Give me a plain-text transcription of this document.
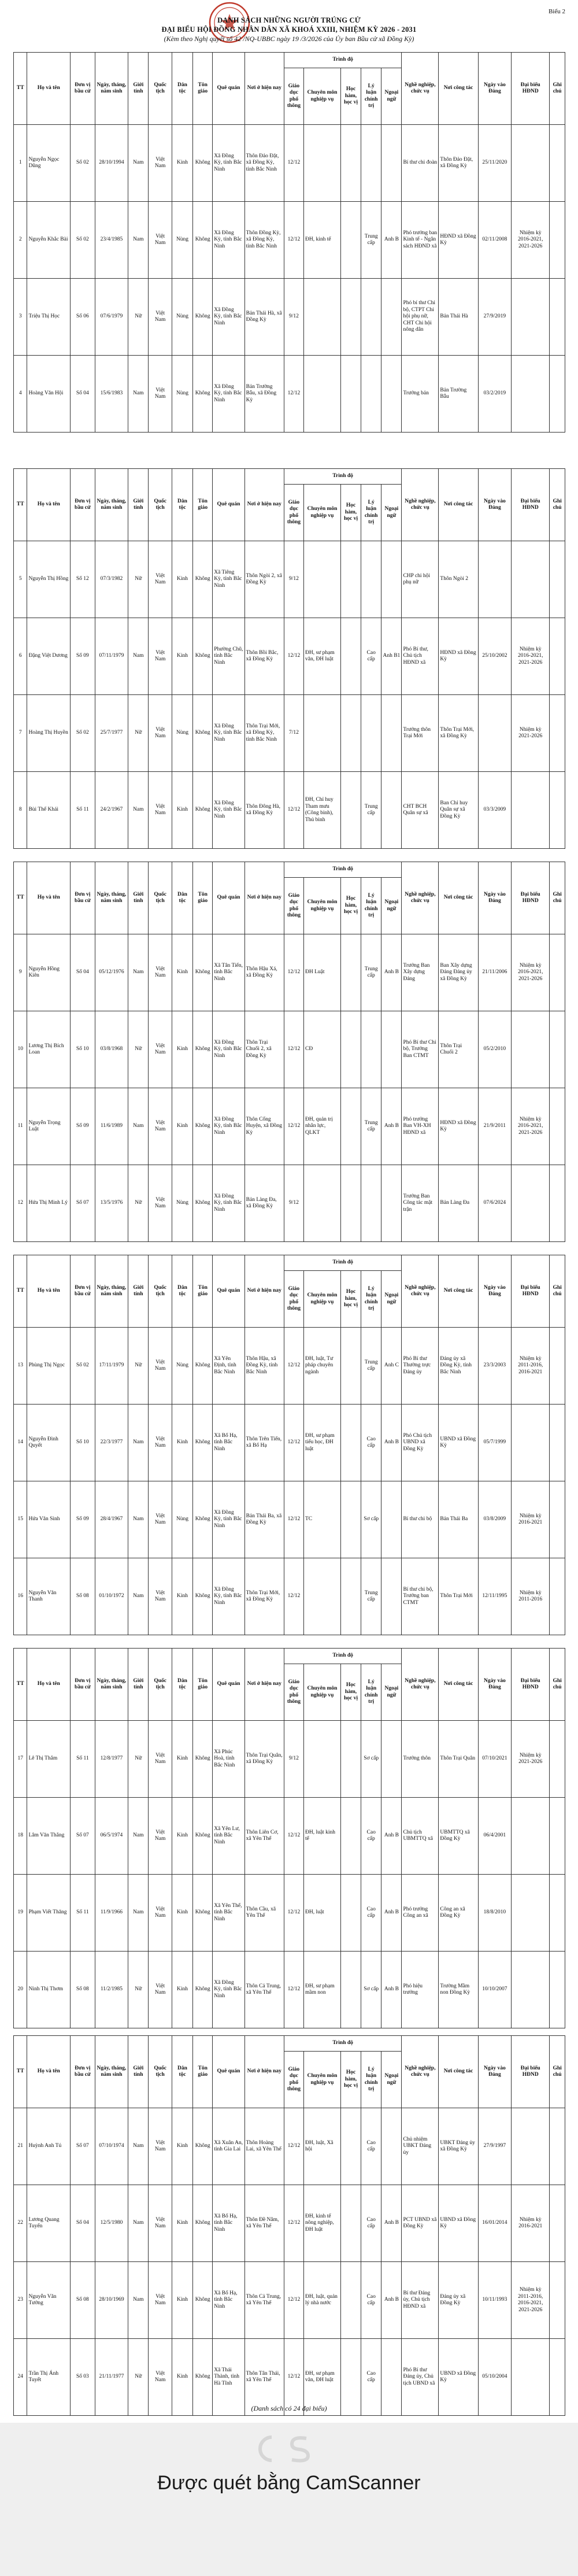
Biểu 2
DANH SÁCH NHỮNG NGƯỜI TRÚNG CỬ
ĐẠI BIỂU HỘI ĐỒNG NHÂN DÂN XÃ KHOÁ XXIII, NHIỆM KỲ 2026 - 2031
(Kèm theo Nghị quyết số 42 /NQ-UBBC ngày 19 /3/2026 của Ủy ban Bầu cử xã Đồng Kỳ)
TT	Họ và tên	Đơn vị bầu cử	Ngày, tháng, năm sinh	Giới tính	Quốc tịch	Dân tộc	Tôn giáo	Quê quán	Nơi ở hiện nay	Trình độ					Nghề nghiệp, chức vụ	Nơi công tác	Ngày vào Đảng	Đại biểu HĐND	Ghi chú
										Giáo dục phổ thông	Chuyên môn nghiệp vụ	Học hàm, học vị	Lý luận chính trị	Ngoại ngữ					
1	Nguyễn Ngọc Dũng	Số 02	28/10/1994	Nam	Việt Nam	Kinh	Không	Xã Đồng Kỳ, tỉnh Bắc Ninh	Thôn Đảo Đặt, xã Đồng Kỳ, tỉnh Bắc Ninh	12/12					Bí thư chi đoàn	Thôn Đảo Đặt, xã Đồng Kỳ	25/11/2020		
2	Nguyễn Khắc Bài	Số 02	23/4/1985	Nam	Việt Nam	Nùng	Không	Xã Đồng Kỳ, tỉnh Bắc Ninh	Thôn Đồng Kỳ, xã Đồng Kỳ, tỉnh Bắc Ninh	12/12	ĐH, kinh tế		Trung cấp	Anh B	Phó trưởng ban Kinh tế - Ngân sách HĐND xã	HĐND xã Đồng Kỳ	02/11/2008	Nhiệm kỳ 2016-2021, 2021-2026	
3	Triệu Thị Học	Số 06	07/6/1979	Nữ	Việt Nam	Nùng	Không	Xã Đồng Kỳ, tỉnh Bắc Ninh	Bản Thái Hà, xã Đồng Kỳ	9/12					Phó bí thư Chi bộ, CTPT Chi hội phụ nữ, CHT Chi hội nông dân	Bản Thái Hà	27/9/2019		
4	Hoàng Văn Hội	Số 04	15/6/1983	Nam	Việt Nam	Nùng	Không	Xã Đồng Kỳ, tỉnh Bắc Ninh	Bản Trường Bẫu, xã Đồng Kỳ	12/12					Trưởng bản	Bản Trường Bẫu	03/2/2019		
TT	Họ và tên	Đơn vị bầu cử	Ngày, tháng, năm sinh	Giới tính	Quốc tịch	Dân tộc	Tôn giáo	Quê quán	Nơi ở hiện nay	Trình độ					Nghề nghiệp, chức vụ	Nơi công tác	Ngày vào Đảng	Đại biểu HĐND	Ghi chú
										Giáo dục phổ thông	Chuyên môn nghiệp vụ	Học hàm, học vị	Lý luận chính trị	Ngoại ngữ					
5	Nguyễn Thị Hồng	Số 12	07/3/1982	Nữ	Việt Nam	Kinh	Không	Xã Tiêng Kỳ, tỉnh Bắc Ninh	Thôn Ngòi 2, xã Đồng Kỳ	9/12					CHP chi hội phụ nữ	Thôn Ngòi 2			
6	Đặng Việt Dương	Số 09	07/11/1979	Nam	Việt Nam	Kinh	Không	Phường Chũ, tỉnh Bắc Ninh	Thôn Bồi Bắc, xã Đồng Kỳ	12/12	ĐH, sư phạm văn, ĐH luật		Cao cấp	Anh B1	Phó Bí thư, Chủ tịch HĐND xã	HĐND xã Đồng Kỳ	25/10/2002	Nhiệm kỳ 2016-2021, 2021-2026	
7	Hoàng Thị Huyền	Số 02	25/7/1977	Nữ	Việt Nam	Nùng	Không	Xã Đồng Kỳ, tỉnh Bắc Ninh	Thôn Trại Mới, xã Đồng Kỳ, tỉnh Bắc Ninh	7/12					Trưởng thôn Trại Mới	Thôn Trại Mới, xã Đồng Kỳ		Nhiệm kỳ 2021-2026	
8	Bùi Thế Khái	Số 11	24/2/1967	Nam	Việt Nam	Kinh	Không	Xã Đồng Kỳ, tỉnh Bắc Ninh	Thôn Đông Hà, xã Đồng Kỳ	12/12	ĐH, Chỉ huy Tham mưu (Công binh), Thủ binh		Trung cấp		CHT BCH Quân sự xã	Ban Chỉ huy Quân sự xã Đồng Kỳ	03/3/2009		
TT	Họ và tên	Đơn vị bầu cử	Ngày, tháng, năm sinh	Giới tính	Quốc tịch	Dân tộc	Tôn giáo	Quê quán	Nơi ở hiện nay	Trình độ					Nghề nghiệp, chức vụ	Nơi công tác	Ngày vào Đảng	Đại biểu HĐND	Ghi chú
										Giáo dục phổ thông	Chuyên môn nghiệp vụ	Học hàm, học vị	Lý luận chính trị	Ngoại ngữ					
9	Nguyễn Hồng Kiên	Số 04	05/12/1976	Nam	Việt Nam	Kinh	Không	Xã Tân Tiến, tỉnh Bắc Ninh	Thôn Hậu Xá, xã Đồng Kỳ	12/12	ĐH Luật		Trung cấp	Anh B	Trưởng Ban Xây dựng Đảng	Ban Xây dựng Đảng Đảng ủy xã Đồng Kỳ	21/11/2006	Nhiệm kỳ 2016-2021, 2021-2026	
10	Lương Thị Bích Loan	Số 10	03/8/1968	Nữ	Việt Nam	Kinh	Không	Xã Đồng Kỳ, tỉnh Bắc Ninh	Thôn Trại Chuối 2, xã Đồng Kỳ	12/12	CĐ				Phó Bí thư Chi bộ, Trưởng Ban CTMT	Thôn Trại Chuối 2	05/2/2010		
11	Nguyễn Trọng Luật	Số 09	11/6/1989	Nam	Việt Nam	Kinh	Không	Xã Đồng Kỳ, tỉnh Bắc Ninh	Thôn Cống Huyện, xã Đồng Kỳ	12/12	ĐH, quản trị nhân lực, QLKT		Trung cấp	Anh B	Phó trưởng Ban VH-XH HĐND xã	HĐND xã Đồng Kỳ	21/9/2011	Nhiệm kỳ 2016-2021, 2021-2026	
12	Hứa Thị Minh Lý	Số 07	13/5/1976	Nữ	Việt Nam	Nùng	Không	Xã Đồng Kỳ, tỉnh Bắc Ninh	Bản Làng Đa, xã Đồng Kỳ	9/12					Trưởng Ban Công tác mặt trận	Bản Làng Đa	07/6/2024		
TT	Họ và tên	Đơn vị bầu cử	Ngày, tháng, năm sinh	Giới tính	Quốc tịch	Dân tộc	Tôn giáo	Quê quán	Nơi ở hiện nay	Trình độ					Nghề nghiệp, chức vụ	Nơi công tác	Ngày vào Đảng	Đại biểu HĐND	Ghi chú
										Giáo dục phổ thông	Chuyên môn nghiệp vụ	Học hàm, học vị	Lý luận chính trị	Ngoại ngữ					
13	Phùng Thị Ngọc	Số 02	17/11/1979	Nữ	Việt Nam	Nùng	Không	Xã Yên Định, tỉnh Bắc Ninh	Thôn Hậu, xã Đồng Kỳ, tỉnh Bắc Ninh	12/12	ĐH, luật, Tư pháp chuyên ngành		Trung cấp	Anh C	Phó Bí thư Thường trực Đảng ủy	Đảng ủy xã Đồng Kỳ, tỉnh Bắc Ninh	23/3/2003	Nhiệm kỳ 2011-2016, 2016-2021	
14	Nguyễn Đình Quyết	Số 10	22/3/1977	Nam	Việt Nam	Kinh	Không	Xã Bố Hạ, tỉnh Bắc Ninh	Thôn Trên Tiến, xã Bố Hạ	12/12	ĐH, sư phạm tiểu học, ĐH luật		Cao cấp	Anh B	Phó Chủ tịch UBND xã Đồng Kỳ	UBND xã Đồng Kỳ	05/7/1999		
15	Hứa Văn Sinh	Số 09	28/4/1967	Nam	Việt Nam	Nùng	Không	Xã Đồng Kỳ, tỉnh Bắc Ninh	Bản Thái Ba, xã Đồng Kỳ	12/12	TC		Sơ cấp		Bí thư chi bộ	Bản Thái Ba	03/8/2009	Nhiệm kỳ 2016-2021	
16	Nguyễn Văn Thanh	Số 08	01/10/1972	Nam	Việt Nam	Kinh	Không	Xã Đồng Kỳ, tỉnh Bắc Ninh	Thôn Trại Mới, xã Đồng Kỳ	12/12			Trung cấp		Bí thư chi bộ, Trưởng ban CTMT	Thôn Trại Mới	12/11/1995	Nhiệm kỳ 2011-2016	
TT	Họ và tên	Đơn vị bầu cử	Ngày, tháng, năm sinh	Giới tính	Quốc tịch	Dân tộc	Tôn giáo	Quê quán	Nơi ở hiện nay	Trình độ					Nghề nghiệp, chức vụ	Nơi công tác	Ngày vào Đảng	Đại biểu HĐND	Ghi chú
										Giáo dục phổ thông	Chuyên môn nghiệp vụ	Học hàm, học vị	Lý luận chính trị	Ngoại ngữ					
17	Lê Thị Thắm	Số 11	12/8/1977	Nữ	Việt Nam	Kinh	Không	Xã Phúc Hoà, tỉnh Bắc Ninh	Thôn Trại Quân, xã Đồng Kỳ	9/12			Sơ cấp		Trưởng thôn	Thôn Trại Quân	07/10/2021	Nhiệm kỳ 2021-2026	
18	Lâm Văn Thắng	Số 07	06/5/1974	Nam	Việt Nam	Kinh	Không	Xã Yên Lư, tỉnh Bắc Ninh	Thôn Liên Cơ, xã Yên Thế	12/12	ĐH, luật kinh tế		Cao cấp	Anh B	Chủ tịch UBMTTQ xã	UBMTTQ xã Đồng Kỳ	06/4/2001		
19	Phạm Viết Thăng	Số 11	11/9/1966	Nam	Việt Nam	Kinh	Không	Xã Yên Thế, tỉnh Bắc Ninh	Thôn Cầu, xã Yên Thế	12/12	ĐH, luật		Cao cấp	Anh B	Phó trưởng Công an xã	Công an xã Đồng Kỳ	18/8/2010		
20	Ninh Thị Thơm	Số 08	11/2/1985	Nữ	Việt Nam	Kinh	Không	Xã Đồng Kỳ, tỉnh Bắc Ninh	Thôn Cả Trung, xã Yên Thế	12/12	ĐH, sư phạm mầm non		Sơ cấp	Anh B	Phó hiệu trưởng	Trường Mầm non Đồng Kỳ	10/10/2007		
TT	Họ và tên	Đơn vị bầu cử	Ngày, tháng, năm sinh	Giới tính	Quốc tịch	Dân tộc	Tôn giáo	Quê quán	Nơi ở hiện nay	Trình độ					Nghề nghiệp, chức vụ	Nơi công tác	Ngày vào Đảng	Đại biểu HĐND	Ghi chú
										Giáo dục phổ thông	Chuyên môn nghiệp vụ	Học hàm, học vị	Lý luận chính trị	Ngoại ngữ					
21	Huỳnh Anh Tú	Số 07	07/10/1974	Nam	Việt Nam	Kinh	Không	Xã Xuân An, tỉnh Gia Lai	Thôn Hoàng Lai, xã Yên Thế	12/12	ĐH, luật, Xã hội		Cao cấp		Chủ nhiệm UBKT Đảng ủy	UBKT Đảng ủy xã Đồng Kỳ	27/9/1997		
22	Lương Quang Tuyến	Số 04	12/5/1980	Nam	Việt Nam	Kinh	Không	Xã Bố Hạ, tỉnh Bắc Ninh	Thôn Đề Nâm, xã Yên Thế	12/12	ĐH, kinh tế nông nghiệp, ĐH luật		Cao cấp	Anh B	PCT UBND xã Đồng Kỳ	UBND xã Đồng Kỳ	16/01/2014	Nhiệm kỳ 2016-2021	
23	Nguyễn Văn Tưởng	Số 08	28/10/1969	Nam	Việt Nam	Kinh	Không	Xã Bố Hạ, tỉnh Bắc Ninh	Thôn Cả Trung, xã Yên Thế	12/12	ĐH, luật, quản lý nhà nước		Cao cấp	Anh B	Bí thư Đảng ủy, Chủ tịch HĐND xã	Đảng ủy xã Đồng Kỳ	10/11/1993	Nhiệm kỳ 2011-2016, 2016-2021, 2021-2026	
24	Trần Thị Ánh Tuyết	Số 03	21/11/1977	Nữ	Việt Nam	Kinh	Không	Xã Thái Thành, tỉnh Hà Tĩnh	Thôn Tân Thái, xã Yên Thế	12/12	ĐH, sư phạm văn, ĐH luật		Cao cấp		Phó Bí thư Đảng ủy, Chủ tịch UBND xã	UBND xã Đồng Kỳ	05/10/2004		
(Danh sách có 24 đại biểu)
Được quét bằng CamScanner
